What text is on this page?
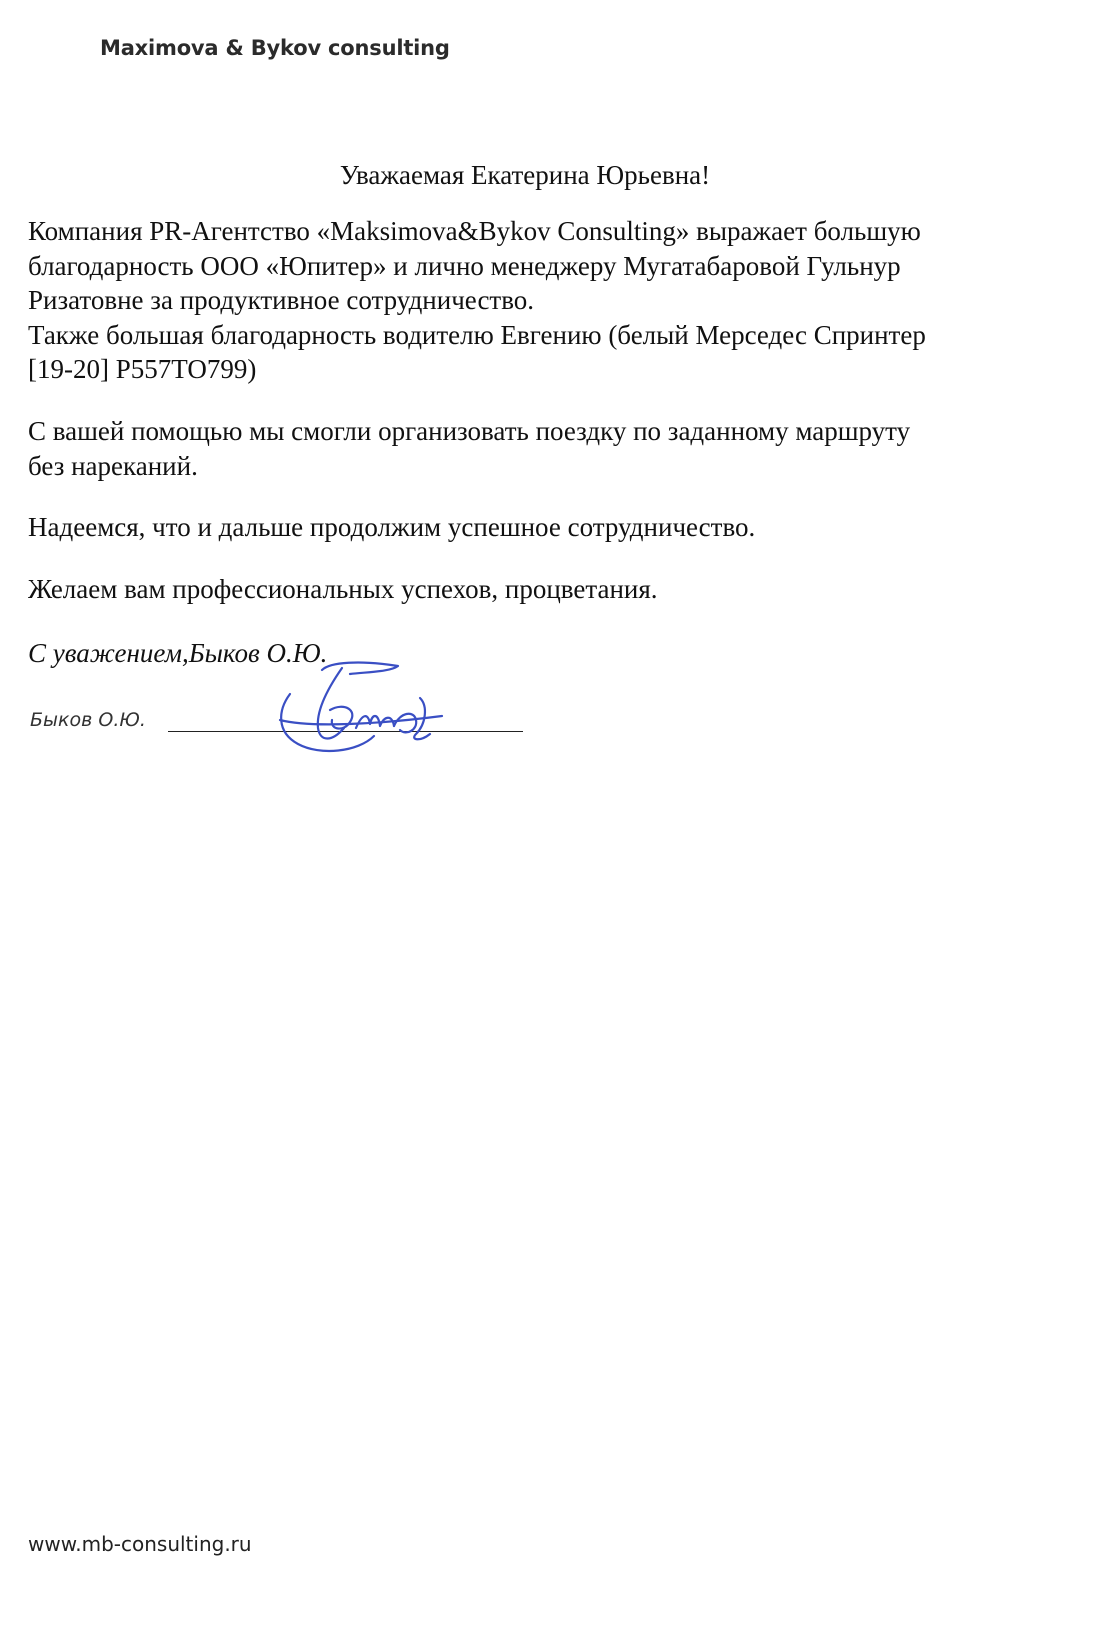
Maximova & Bykov consulting
Уважаемая Екатерина Юрьевна!
Компания PR-Агентство «Maksimova&Bykov Consulting» выражает большую
благодарность ООО «Юпитер» и лично менеджеру Мугатабаровой Гульнур
Ризатовне за продуктивное сотрудничество.
Также большая благодарность водителю Евгению (белый Мерседес Спринтер
[19-20] Р557ТО799)
С вашей помощью мы смогли организовать поездку по заданному маршруту
без нареканий.
Надеемся, что и дальше продолжим успешное сотрудничество.
Желаем вам профессиональных успехов, процветания.
С уважением,Быков О.Ю.
Быков О.Ю.
www.mb-consulting.ru
